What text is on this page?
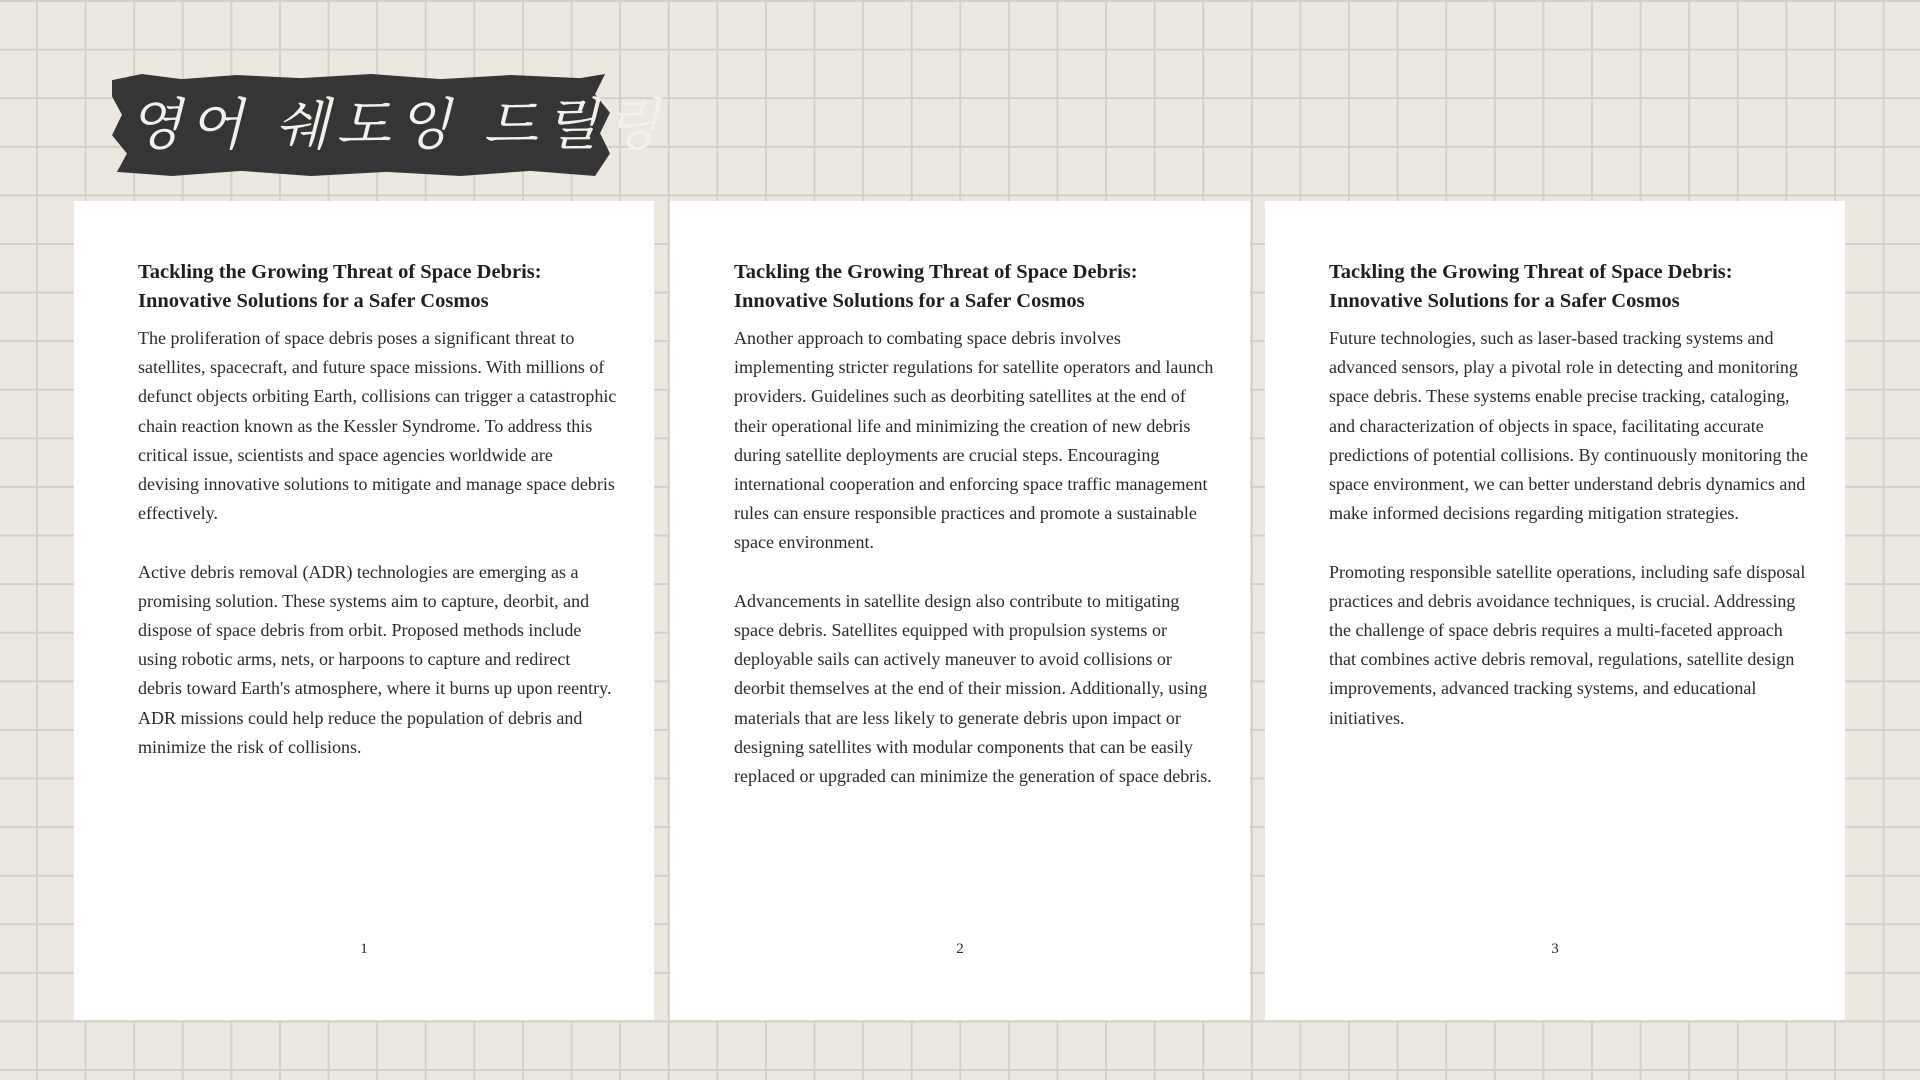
영어 쉐도잉 드릴링
Tackling the Growing Threat of Space Debris:
Innovative Solutions for a Safer Cosmos

The proliferation of space debris poses a significant threat to satellites, spacecraft, and future space missions. With millions of defunct objects orbiting Earth, collisions can trigger a catastrophic chain reaction known as the Kessler Syndrome. To address this critical issue, scientists and space agencies worldwide are devising innovative solutions to mitigate and manage space debris effectively.

Active debris removal (ADR) technologies are emerging as a promising solution. These systems aim to capture, deorbit, and dispose of space debris from orbit. Proposed methods include using robotic arms, nets, or harpoons to capture and redirect debris toward Earth's atmosphere, where it burns up upon reentry. ADR missions could help reduce the population of debris and minimize the risk of collisions.

1
Tackling the Growing Threat of Space Debris:
Innovative Solutions for a Safer Cosmos

Another approach to combating space debris involves implementing stricter regulations for satellite operators and launch providers. Guidelines such as deorbiting satellites at the end of their operational life and minimizing the creation of new debris during satellite deployments are crucial steps. Encouraging international cooperation and enforcing space traffic management rules can ensure responsible practices and promote a sustainable space environment.

Advancements in satellite design also contribute to mitigating space debris. Satellites equipped with propulsion systems or deployable sails can actively maneuver to avoid collisions or deorbit themselves at the end of their mission. Additionally, using materials that are less likely to generate debris upon impact or designing satellites with modular components that can be easily replaced or upgraded can minimize the generation of space debris.

2
Tackling the Growing Threat of Space Debris:
Innovative Solutions for a Safer Cosmos

Future technologies, such as laser-based tracking systems and advanced sensors, play a pivotal role in detecting and monitoring space debris. These systems enable precise tracking, cataloging, and characterization of objects in space, facilitating accurate predictions of potential collisions. By continuously monitoring the space environment, we can better understand debris dynamics and make informed decisions regarding mitigation strategies.

Promoting responsible satellite operations, including safe disposal practices and debris avoidance techniques, is crucial. Addressing the challenge of space debris requires a multi-faceted approach that combines active debris removal, regulations, satellite design improvements, advanced tracking systems, and educational initiatives.

3
